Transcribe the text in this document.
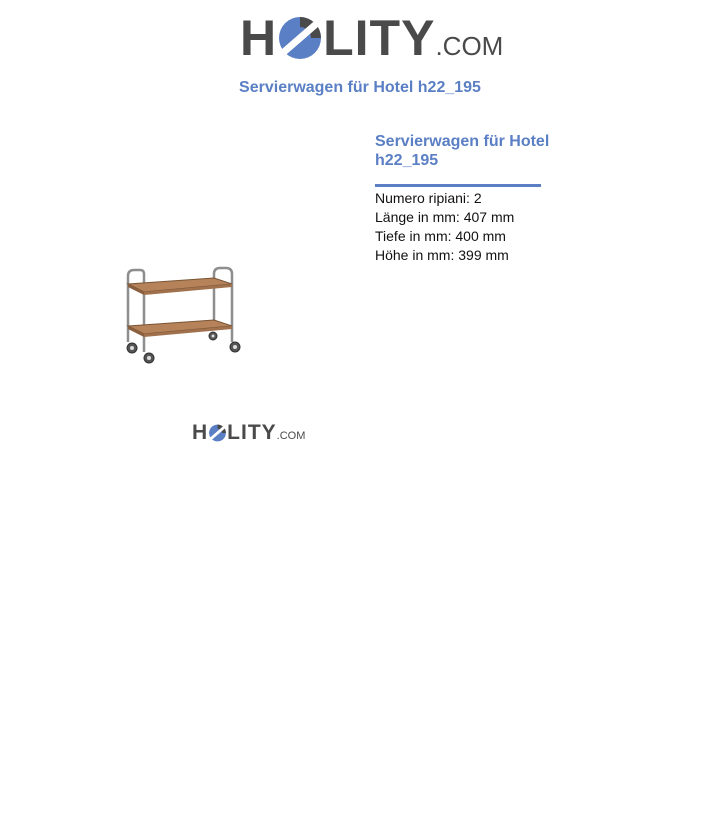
H LITY .COM
Servierwagen für Hotel h22_195
H LITY .COM

Servierwagen für Hotel h22_195

Numero ripiani: 2

Länge in mm: 407 mm

Tiefe in mm: 400 mm

Höhe in mm: 399 mm
